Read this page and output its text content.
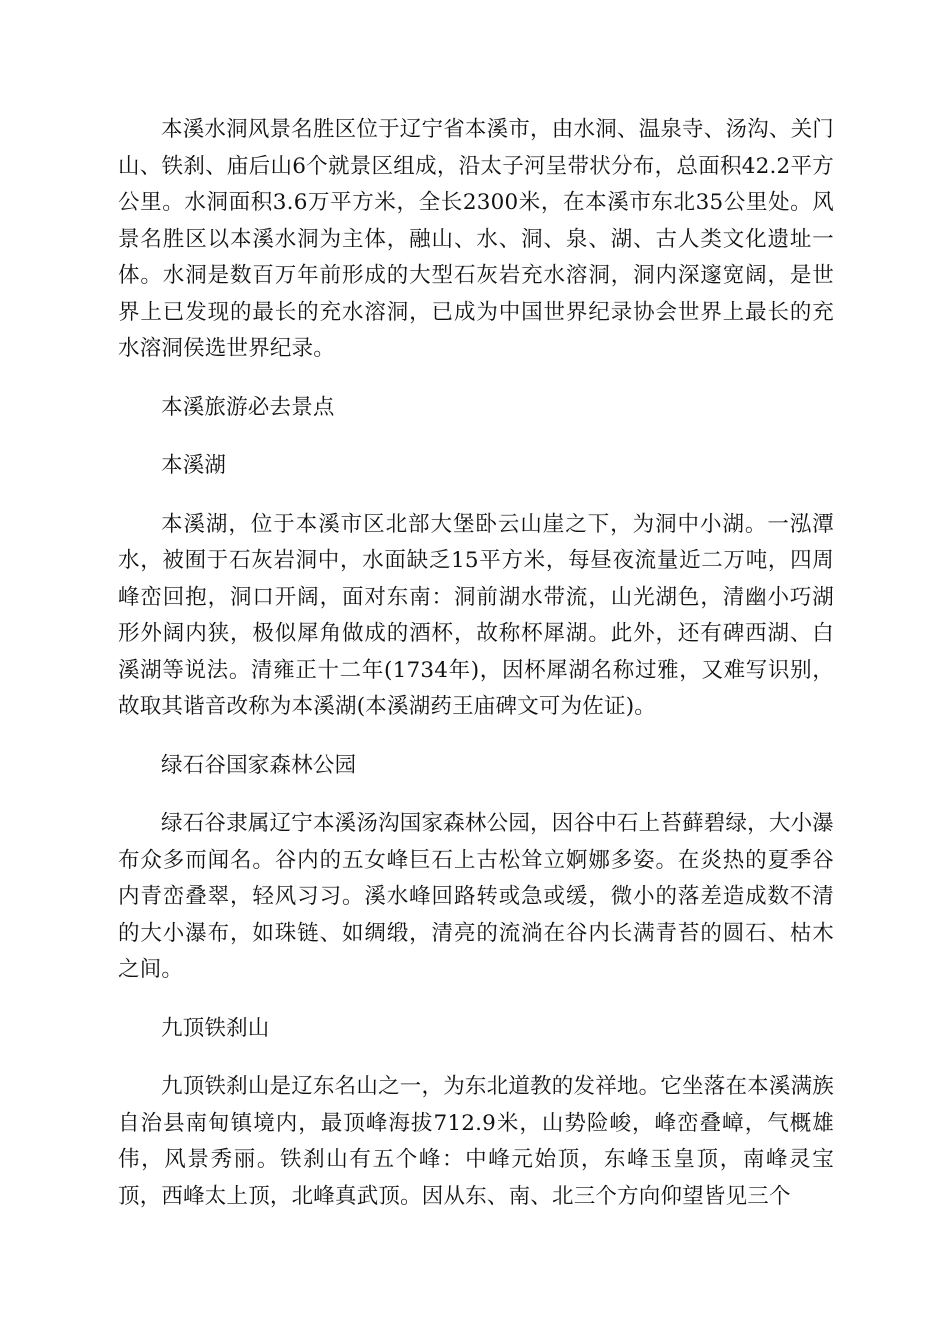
本溪水洞风景名胜区位于辽宁省本溪市，由水洞、温泉寺、汤沟、关门山、铁刹、庙后山6个就景区组成，沿太子河呈带状分布，总面积42.2平方公里。水洞面积3.6万平方米，全长2300米，在本溪市东北35公里处。风景名胜区以本溪水洞为主体，融山、水、洞、泉、湖、古人类文化遗址一体。水洞是数百万年前形成的大型石灰岩充水溶洞，洞内深邃宽阔，是世界上已发现的最长的充水溶洞，已成为中国世界纪录协会世界上最长的充水溶洞侯选世界纪录。

本溪旅游必去景点

本溪湖

本溪湖，位于本溪市区北部大堡卧云山崖之下，为洞中小湖。一泓潭水，被囿于石灰岩洞中，水面缺乏15平方米，每昼夜流量近二万吨，四周峰峦回抱，洞口开阔，面对东南：洞前湖水带流，山光湖色，清幽小巧湖形外阔内狭，极似犀角做成的酒杯，故称杯犀湖。此外，还有碑西湖、白溪湖等说法。清雍正十二年(1734年)，因杯犀湖名称过雅，又难写识别，故取其谐音改称为本溪湖(本溪湖药王庙碑文可为佐证)。

绿石谷国家森林公园

绿石谷隶属辽宁本溪汤沟国家森林公园，因谷中石上苔藓碧绿，大小瀑布众多而闻名。谷内的五女峰巨石上古松耸立婀娜多姿。在炎热的夏季谷内青峦叠翠，轻风习习。溪水峰回路转或急或缓，微小的落差造成数不清的大小瀑布，如珠链、如绸缎，清亮的流淌在谷内长满青苔的圆石、枯木之间。

九顶铁刹山

九顶铁刹山是辽东名山之一，为东北道教的发祥地。它坐落在本溪满族自治县南甸镇境内，最顶峰海拔712.9米，山势险峻，峰峦叠嶂，气概雄伟，风景秀丽。铁刹山有五个峰：中峰元始顶，东峰玉皇顶，南峰灵宝顶，西峰太上顶，北峰真武顶。因从东、南、北三个方向仰望皆见三个
